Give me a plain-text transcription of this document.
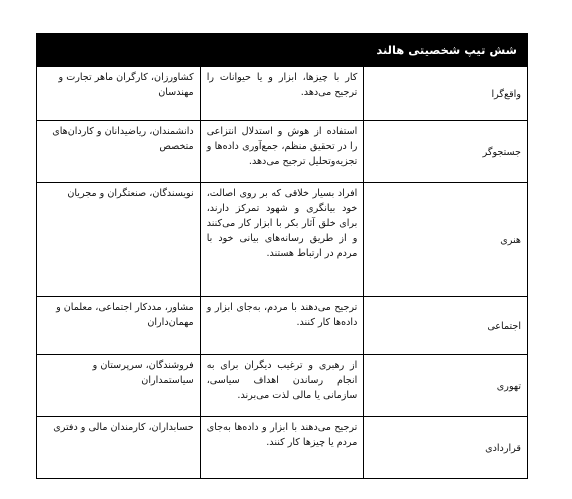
شش تیپ شخصیتی هالند		
واقع‌گرا	کار با چیزها، ابزار و یا حیوانات را ترجیح می‌دهد.	کشاورزان، کارگران ماهر تجارت و مهندسان
جستجوگر	استفاده از هوش و استدلال انتزاعی را در تحقیق منظم، جمع‌آوری داده‌ها و تجزیه‌وتحلیل ترجیح می‌دهد.	دانشمندان، ریاضیدانان و کاردان‌های متخصص
هنری	افراد بسیار خلاقی که بر روی اصالت، خود بیانگری و شهود تمرکز دارند، برای خلق آثار بکر با ابزار کار می‌کنند و از طریق رسانه‌های بیانی خود با مردم در ارتباط هستند.	نویسندگان، صنعتگران و مجریان
اجتماعی	ترجیح می‌دهند با مردم، به‌جای ابزار و داده‌ها کار کنند.	مشاور، مددکار اجتماعی، معلمان و مهمان‌داران
تهوری	از رهبری و ترغیب دیگران برای به انجام رساندن اهداف سیاسی، سازمانی یا مالی لذت می‌برند.	فروشندگان، سرپرستان و سیاستمداران
قراردادی	ترجیح می‌دهند با ابزار و داده‌ها به‌جای مردم یا چیزها کار کنند.	حسابداران، کارمندان مالی و دفتری
